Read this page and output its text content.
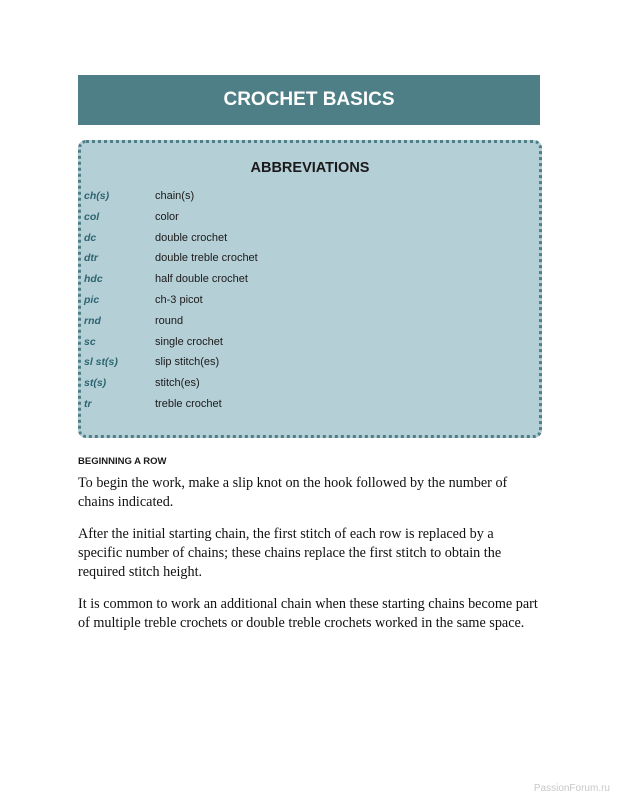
CROCHET BASICS
ABBREVIATIONS
ch(s)	chain(s)
col	color
dc	double crochet
dtr	double treble crochet
hdc	half double crochet
pic	ch-3 picot
rnd	round
sc	single crochet
sl st(s)	slip stitch(es)
st(s)	stitch(es)
tr	treble crochet
BEGINNING A ROW

To begin the work, make a slip knot on the hook followed by the number of chains indicated.

After the initial starting chain, the first stitch of each row is replaced by a specific number of chains; these chains replace the first stitch to obtain the required stitch height.

It is common to work an additional chain when these starting chains become part of multiple treble crochets or double treble crochets worked in the same space.

PassionForum.ru
